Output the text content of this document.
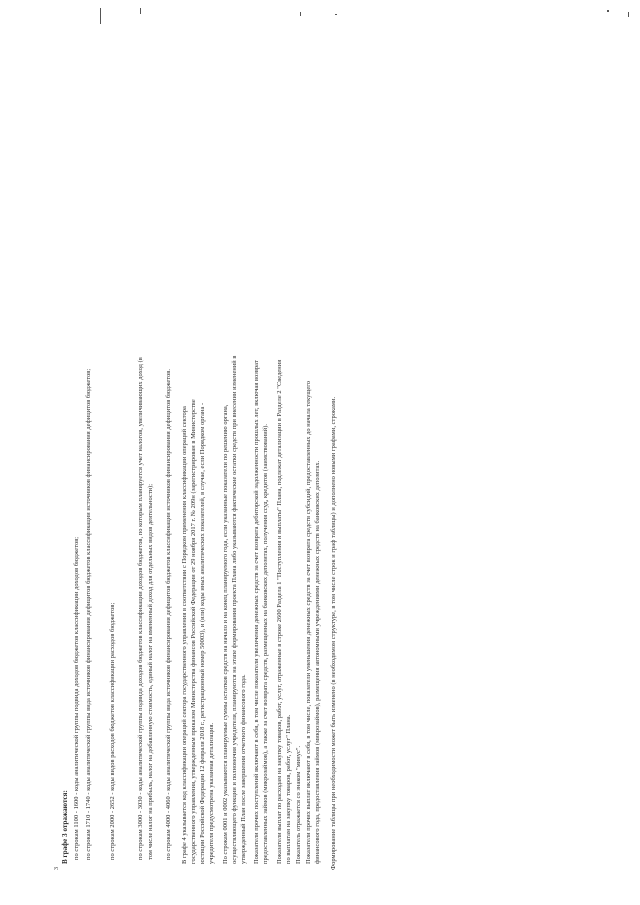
3
В графе 3 отражаются: по строкам 1100 - 1600 - коды аналитической группы подвида доходов бюджетов классификации доходов бюджетов; по строкам 1710 - 1740 - коды аналитической группы вида источников финансирования дефицитов бюджетов классификации источников финансирования дефицитов бюджетов;	по строкам 2000 - 2652 - коды видов расходов бюджетов классификации расходов бюджетов;	по строкам 3000 - 3030 - коды аналитической группы подвида доходов бюджетов классификации доходов бюджетов, по которым планируется учет налогов, увеличивающих доход (в том числе налог на прибыль, налог на добавленную стоимость, единый налог на вмененный доход для отдельных видов деятельности); по строкам 4000 - 4060 - коды аналитической группы вида источников финансирования дефицитов бюджетов классификации источников финансирования дефицитов бюджетов. В графе 4 указывается код классификации операций сектора государственного управления в соответствии с Порядком применения классификации операций сектора государственного управления, утвержденным приказом Министерства финансов Российской Федерации от 29 ноября 2017 г. № 209н (зарегистрирован в Министерстве юстиции Российской Федерации 12 февраля 2018 г., регистрационный номер 50003), и (или) коды иных аналитических показателей, в случае, если Порядком органа - учредителя предусмотрена указанная детализация. По строкам 0001 и 0002 указываются планируемые суммы остатков средств на начало и на конец планируемого года, если указанные показатели по решению органа, осуществляющего функции и полномочия учредителя, планируются на этапе формирования проекта Плана либо указываются фактические остатки средств при внесении изменений в утвержденный План после завершения отчетного финансового года. Показатели прочих поступлений включают в себя, в том числе показатели увеличения денежных средств за счет возврата дебиторской задолженности прошлых лет, включая возврат предоставленных займов (микрозаймов), а также за счет возврата средств, размещенных на банковских депозитах, получения ссуд, кредитов (заимствований). Показатели выплат по расходам на закупку товаров, работ, услуг, отраженные в строке 2600 Раздела 1 "Поступления и выплаты" Плана, подлежат детализации в Разделе 2 "Сведения по выплатам на закупку товаров, работ, услуг" Плана. Показатель отражается со знаком "минус". Показатели прочих выплат включают в себя, в том числе, показатели уменьшения денежных средств за счет возврата средств субсидий, предоставленных до начала текущего финансового года, предоставления займов (микрозаймов), размещения автономными учреждениями денежных средств на банковских депозитах. Формирование таблицы при необходимости может быть изменено (в необходимом структуре, в том числе строк и граф таблицы) и дополнено новыми графами, строками.
